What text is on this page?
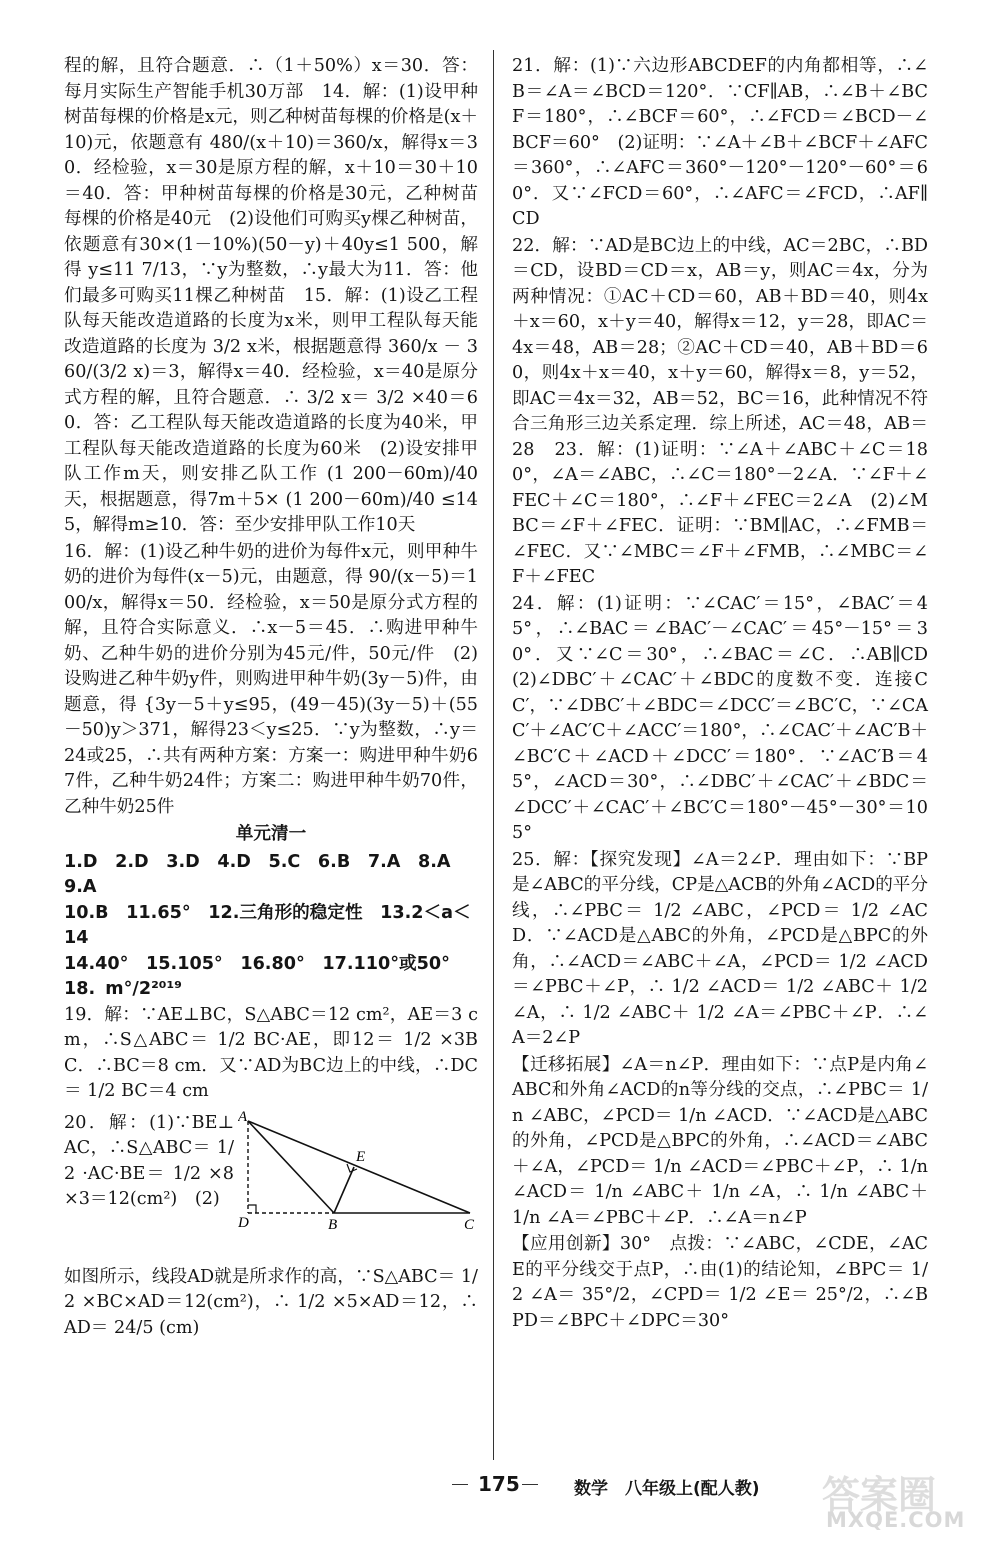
程的解，且符合题意．∴（1＋50%）x＝30．答：每月实际生产智能手机30万部　14．解：(1)设甲种树苗每棵的价格是x元，则乙种树苗每棵的价格是(x＋10)元，依题意有 480/(x＋10)＝360/x，解得x＝30．经检验，x＝30是原方程的解，x＋10＝30＋10＝40．答：甲种树苗每棵的价格是30元，乙种树苗每棵的价格是40元　(2)设他们可购买y棵乙种树苗，依题意有30×(1－10%)(50－y)＋40y≤1 500，解得 y≤11 7/13，∵y为整数，∴y最大为11．答：他们最多可购买11棵乙种树苗　15．解：(1)设乙工程队每天能改造道路的长度为x米，则甲工程队每天能改造道路的长度为 3/2 x米，根据题意得 360/x － 360/(3/2 x)＝3，解得x＝40．经检验，x＝40是原分式方程的解，且符合题意．∴ 3/2 x＝ 3/2 ×40＝60．答：乙工程队每天能改造道路的长度为40米，甲工程队每天能改造道路的长度为60米　(2)设安排甲队工作m天，则安排乙队工作 (1 200－60m)/40 天，根据题意，得7m＋5× (1 200－60m)/40 ≤145，解得m≥10．答：至少安排甲队工作10天

16．解：(1)设乙种牛奶的进价为每件x元，则甲种牛奶的进价为每件(x－5)元，由题意，得 90/(x－5)＝100/x，解得x＝50．经检验，x＝50是原分式方程的解，且符合实际意义．∴x－5＝45．∴购进甲种牛奶、乙种牛奶的进价分别为45元/件，50元/件　(2)设购进乙种牛奶y件，则购进甲种牛奶(3y－5)件，由题意，得 {3y－5＋y≤95，(49－45)(3y－5)＋(55－50)y＞371，解得23＜y≤25．∵y为整数，∴y＝24或25，∴共有两种方案：方案一：购进甲种牛奶67件，乙种牛奶24件；方案二：购进甲种牛奶70件，乙种牛奶25件

单元清一
1.D　2.D　3.D　4.D　5.C　6.B　7.A　8.A　9.A
10.B　11.65°　12.三角形的稳定性　13.2＜a＜14
14.40°　15.105°　16.80°　17.110°或50°　18. m°/2²⁰¹⁹

19．解：∵AE⊥BC，S△ABC＝12 cm²，AE＝3 cm，∴S△ABC＝ 1/2 BC·AE，即12＝ 1/2 ×3BC．∴BC＝8 cm．又∵AD为BC边上的中线，∴DC＝ 1/2 BC＝4 cm

20．解：(1)∵BE⊥AC，∴S△ABC＝ 1/2 ·AC·BE＝ 1/2 ×8×3＝12(cm²)　(2)
A
D	B	C
E

如图所示，线段AD就是所求作的高，∵S△ABC＝ 1/2 ×BC×AD＝12(cm²)，∴ 1/2 ×5×AD＝12，∴AD＝ 24/5 (cm)

21．解：(1)∵六边形ABCDEF的内角都相等，∴∠B＝∠A＝∠BCD＝120°．∵CF∥AB，∴∠B＋∠BCF＝180°，∴∠BCF＝60°，∴∠FCD＝∠BCD－∠BCF＝60°　(2)证明：∵∠A＋∠B＋∠BCF＋∠AFC＝360°，∴∠AFC＝360°－120°－120°－60°＝60°．又∵∠FCD＝60°，∴∠AFC＝∠FCD，∴AF∥CD

22．解：∵AD是BC边上的中线，AC＝2BC，∴BD＝CD，设BD＝CD＝x，AB＝y，则AC＝4x，分为两种情况：①AC＋CD＝60，AB＋BD＝40，则4x＋x＝60，x＋y＝40，解得x＝12，y＝28，即AC＝4x＝48，AB＝28；②AC＋CD＝40，AB＋BD＝60，则4x＋x＝40，x＋y＝60，解得x＝8，y＝52，即AC＝4x＝32，AB＝52，BC＝16，此种情况不符合三角形三边关系定理．综上所述，AC＝48，AB＝28　23．解：(1)证明：∵∠A＋∠ABC＋∠C＝180°，∠A＝∠ABC，∴∠C＝180°－2∠A．∵∠F＋∠FEC＋∠C＝180°，∴∠F＋∠FEC＝2∠A　(2)∠MBC＝∠F＋∠FEC．证明：∵BM∥AC，∴∠FMB＝∠FEC．又∵∠MBC＝∠F＋∠FMB，∴∠MBC＝∠F＋∠FEC

24．解：(1)证明：∵∠CAC′＝15°，∠BAC′＝45°，∴∠BAC＝∠BAC′－∠CAC′＝45°－15°＝30°．又∵∠C＝30°，∴∠BAC＝∠C．∴AB∥CD　(2)∠DBC′＋∠CAC′＋∠BDC的度数不变．连接CC′，∵∠DBC′＋∠BDC＝∠DCC′＝∠BC′C，∵∠CAC′＋∠AC′C＋∠ACC′＝180°，∴∠CAC′＋∠AC′B＋∠BC′C＋∠ACD＋∠DCC′＝180°．∵∠AC′B＝45°，∠ACD＝30°，∴∠DBC′＋∠CAC′＋∠BDC＝∠DCC′＋∠CAC′＋∠BC′C＝180°－45°－30°＝105°

25．解：【探究发现】∠A＝2∠P．理由如下：∵BP是∠ABC的平分线，CP是△ACB的外角∠ACD的平分线，∴∠PBC＝ 1/2 ∠ABC，∠PCD＝ 1/2 ∠ACD．∵∠ACD是△ABC的外角，∠PCD是△BPC的外角，∴∠ACD＝∠ABC＋∠A，∠PCD＝ 1/2 ∠ACD＝∠PBC＋∠P，∴ 1/2 ∠ACD＝ 1/2 ∠ABC＋ 1/2 ∠A，∴ 1/2 ∠ABC＋ 1/2 ∠A＝∠PBC＋∠P．∴∠A＝2∠P

【迁移拓展】∠A＝n∠P．理由如下：∵点P是内角∠ABC和外角∠ACD的n等分线的交点，∴∠PBC＝ 1/n ∠ABC，∠PCD＝ 1/n ∠ACD．∵∠ACD是△ABC的外角，∠PCD是△BPC的外角，∴∠ACD＝∠ABC＋∠A，∠PCD＝ 1/n ∠ACD＝∠PBC＋∠P，∴ 1/n ∠ACD＝ 1/n ∠ABC＋ 1/n ∠A，∴ 1/n ∠ABC＋ 1/n ∠A＝∠PBC＋∠P．∴∠A＝n∠P

【应用创新】30°　点拨：∵∠ABC，∠CDE，∠ACE的平分线交于点P，∴由(1)的结论知，∠BPC＝ 1/2 ∠A＝ 35°/2，∠CPD＝ 1/2 ∠E＝ 25°/2，∴∠BPD＝∠BPC＋∠DPC＝30°

175	数学　八年级上(配人教) 答案圈
MXQE.COM
